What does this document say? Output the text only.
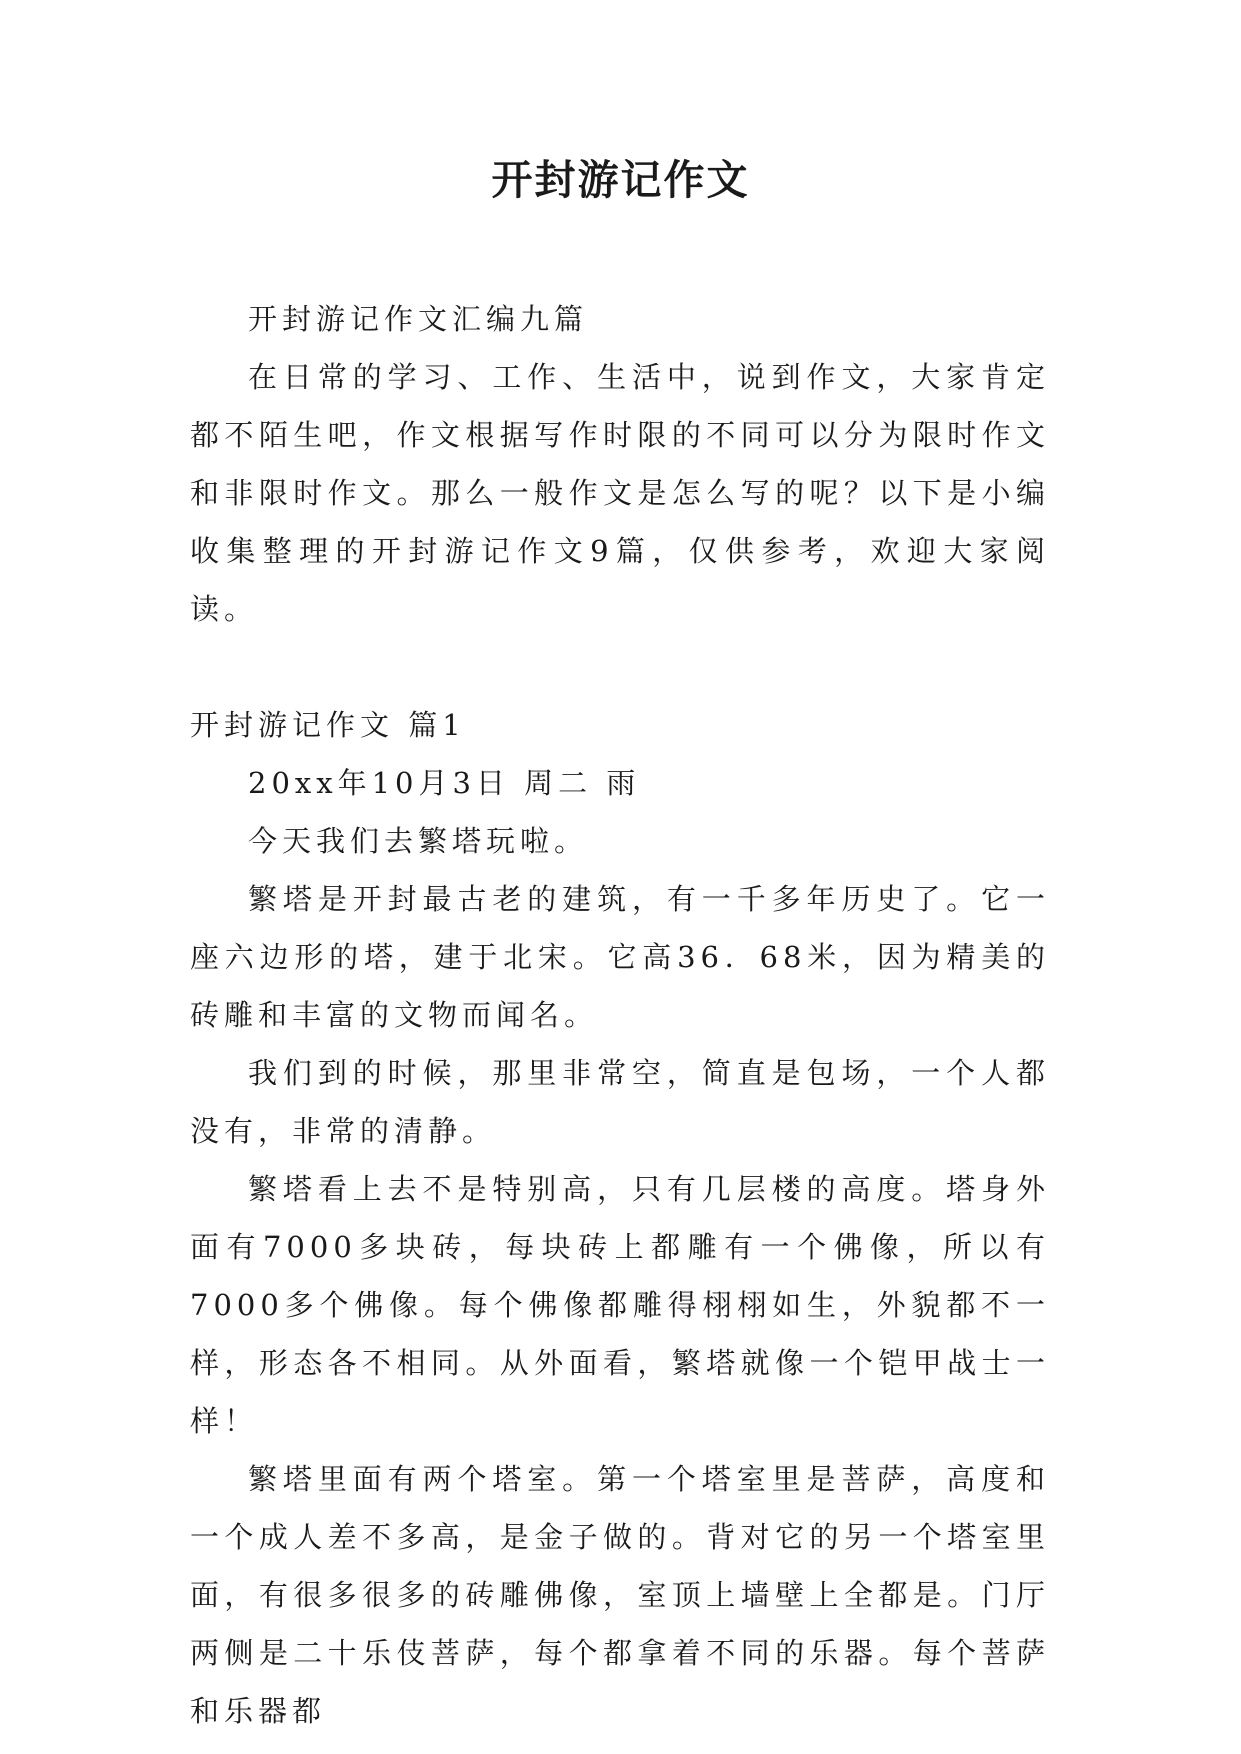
开封游记作文

开封游记作文汇编九篇

在日常的学习、工作、生活中，说到作文，大家肯定都不陌生吧，作文根据写作时限的不同可以分为限时作文和非限时作文。那么一般作文是怎么写的呢？以下是小编收集整理的开封游记作文9篇，仅供参考，欢迎大家阅读。

开封游记作文 篇1

20xx年10月3日 周二 雨

今天我们去繁塔玩啦。

繁塔是开封最古老的建筑，有一千多年历史了。它一座六边形的塔，建于北宋。它高36．68米，因为精美的砖雕和丰富的文物而闻名。

我们到的时候，那里非常空，简直是包场，一个人都没有，非常的清静。

繁塔看上去不是特别高，只有几层楼的高度。塔身外面有7000多块砖，每块砖上都雕有一个佛像，所以有7000多个佛像。每个佛像都雕得栩栩如生，外貌都不一样，形态各不相同。从外面看，繁塔就像一个铠甲战士一样！

繁塔里面有两个塔室。第一个塔室里是菩萨，高度和一个成人差不多高，是金子做的。背对它的另一个塔室里面，有很多很多的砖雕佛像，室顶上墙壁上全都是。门厅两侧是二十乐伎菩萨，每个都拿着不同的乐器。每个菩萨和乐器都
